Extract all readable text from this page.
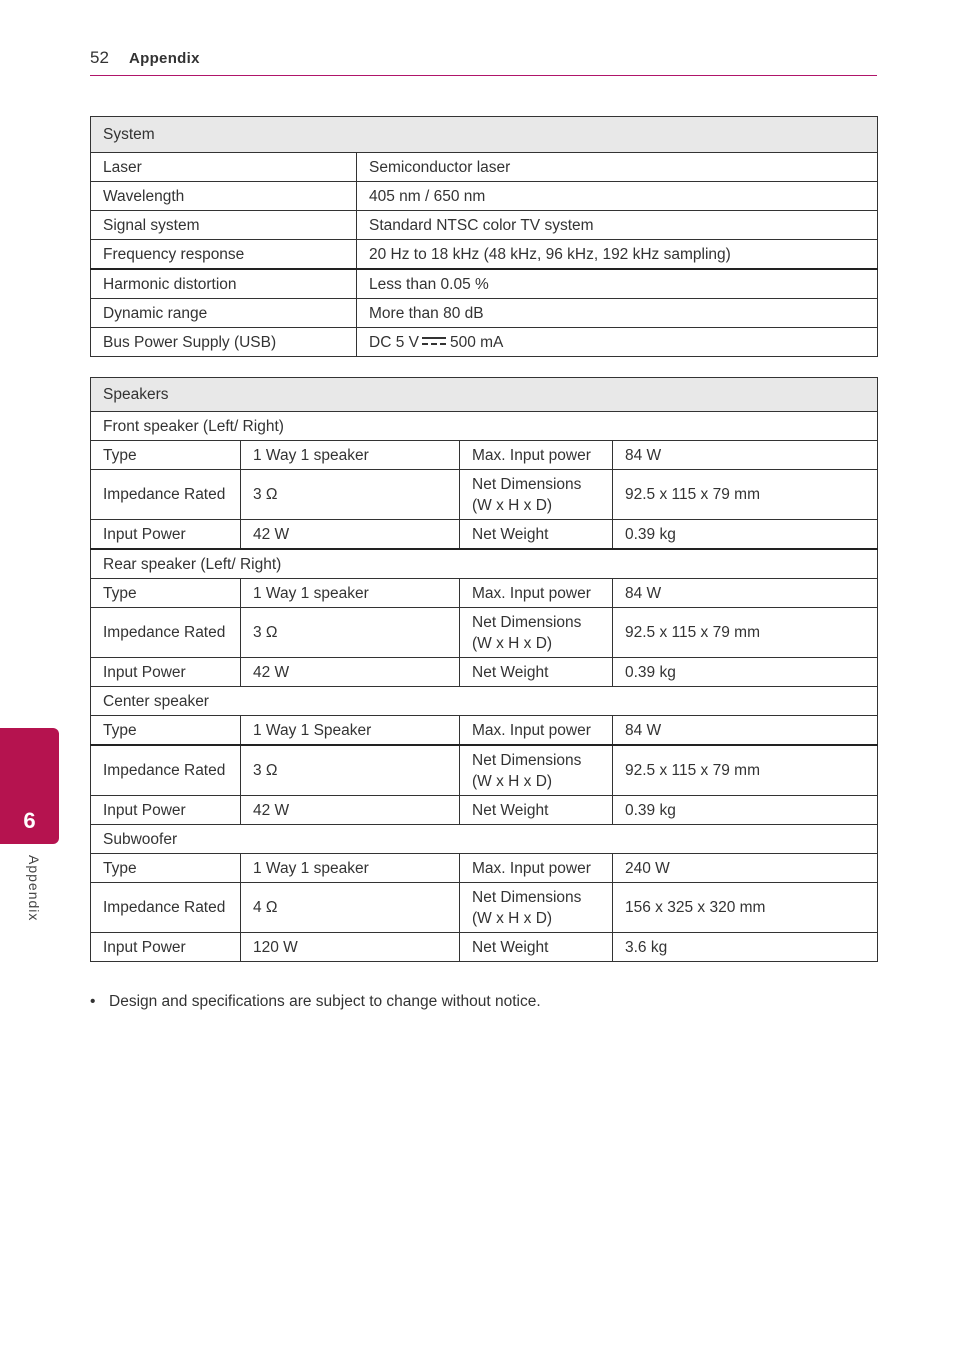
52 Appendix
System	
Laser	Semiconductor laser
Wavelength	405 nm / 650 nm
Signal system	Standard NTSC color TV system
Frequency response	20 Hz to 18 kHz (48 kHz, 96 kHz, 192 kHz sampling)
Harmonic distortion	Less than 0.05 %
Dynamic range	More than 80 dB
Bus Power Supply (USB)	DC 5 V 500 mA
Speakers			
Front speaker (Left/ Right)			
Type	1 Way 1 speaker	Max. Input power	84 W
Impedance Rated	3 Ω	Net Dimensions (W x H x D)	92.5 x 115 x 79 mm
Input Power	42 W	Net Weight	0.39 kg
Rear speaker (Left/ Right)			
Type	1 Way 1 speaker	Max. Input power	84 W
Impedance Rated	3 Ω	Net Dimensions (W x H x D)	92.5 x 115 x 79 mm
Input Power	42 W	Net Weight	0.39 kg
Center speaker			
Type	1 Way 1 Speaker	Max. Input power	84 W
Impedance Rated	3 Ω	Net Dimensions (W x H x D)	92.5 x 115 x 79 mm
Input Power	42 W	Net Weight	0.39 kg
Subwoofer			
Type	1 Way 1 speaker	Max. Input power	240 W
Impedance Rated	4 Ω	Net Dimensions (W x H x D)	156 x 325 x 320 mm
Input Power	120 W	Net Weight	3.6 kg
• Design and specifications are subject to change without notice.
6
Appendix
